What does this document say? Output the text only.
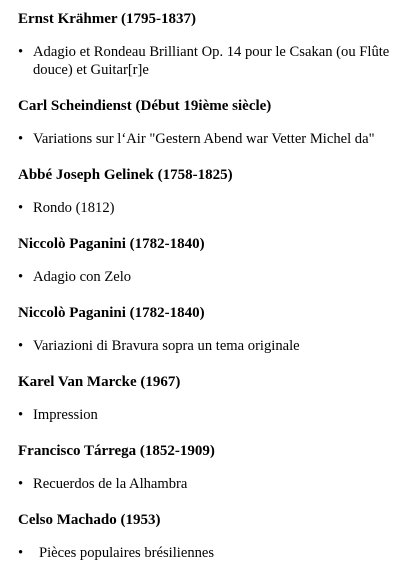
Ernst Krähmer (1795-1837)
• Adagio et Rondeau Brilliant Op. 14 pour le Csakan (ou Flûte douce) et Guitar[r]e
Carl Scheindienst (Début 19ième siècle)
• Variations sur l‘Air "Gestern Abend war Vetter Michel da"
Abbé Joseph Gelinek (1758-1825)
• Rondo (1812)
Niccolò Paganini (1782-1840)
• Adagio con Zelo
Niccolò Paganini (1782-1840)
• Variazioni di Bravura sopra un tema originale
Karel Van Marcke (1967)
• Impression
Francisco Tárrega (1852-1909)
• Recuerdos de la Alhambra
Celso Machado (1953)
•	Pièces populaires brésiliennes
